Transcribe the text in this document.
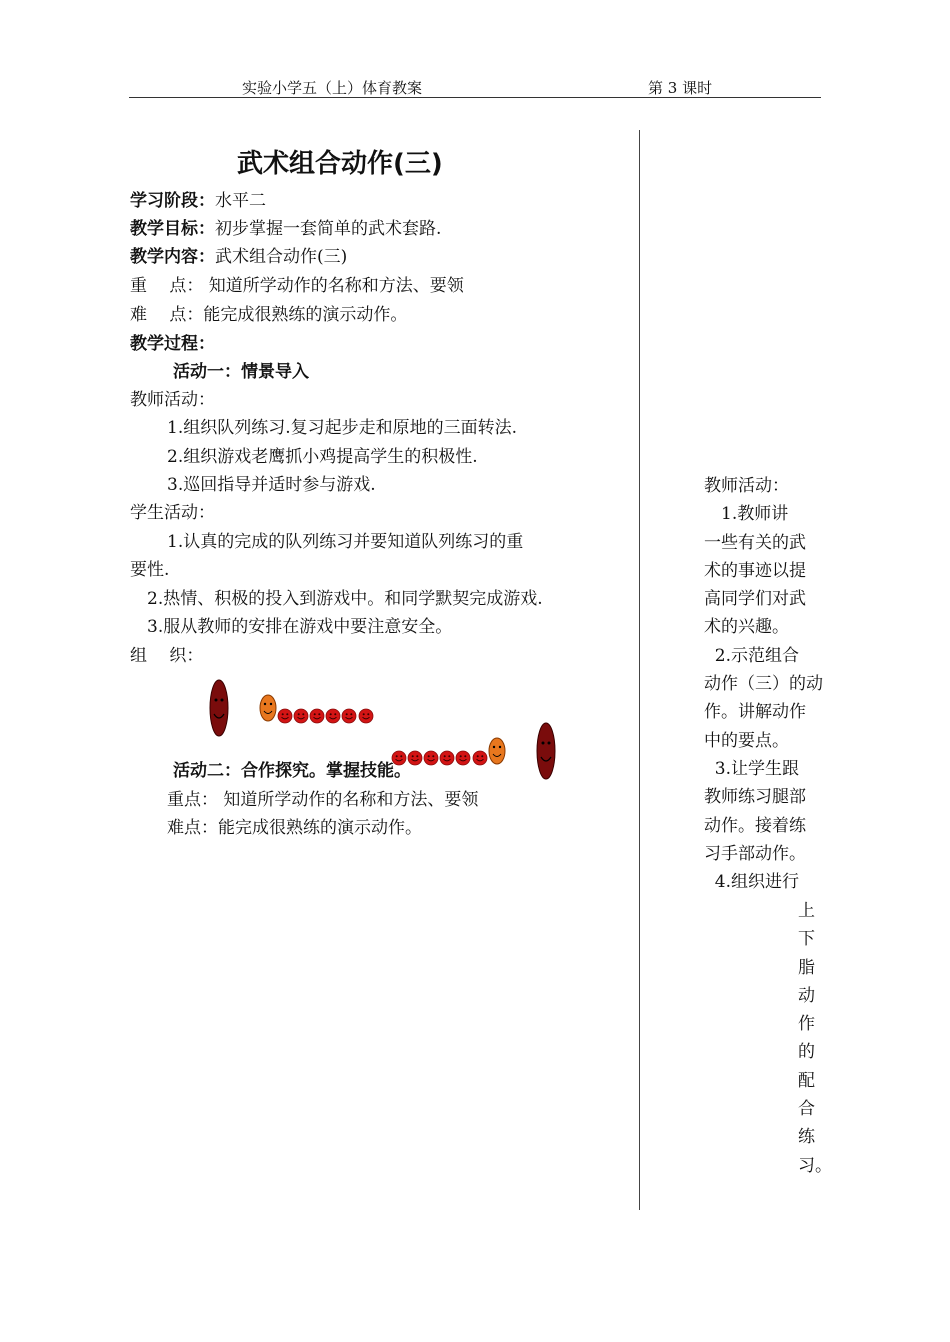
实验小学五（上）体育教案	第 3 课时
武术组合动作(三)
学习阶段：水平二
教学目标：初步掌握一套简单的武术套路.
教学内容：武术组合动作(三)
重　 点： 知道所学动作的名称和方法、要领
难　 点：能完成很熟练的演示动作。
教学过程：
活动一：情景导入
教师活动：
1.组织队列练习.复习起步走和原地的三面转法.
2.组织游戏老鹰抓小鸡提高学生的积极性.
3.巡回指导并适时参与游戏.
学生活动：
1.认真的完成的队列练习并要知道队列练习的重
要性.
2.热情、积极的投入到游戏中。和同学默契完成游戏.
3.服从教师的安排在游戏中要注意安全。
组　 织：
活动二：合作探究。掌握技能。
重点： 知道所学动作的名称和方法、要领
难点：能完成很熟练的演示动作。
教师活动：
　1.教师讲
一些有关的武
术的事迹以提
高同学们对武
术的兴趣。
2.示范组合
动作（三）的动
作。讲解动作
中的要点。
3.让学生跟
教师练习腿部
动作。接着练
习手部动作。
4.组织进行
上
下
脂
动
作
的
配
合
练
习。
